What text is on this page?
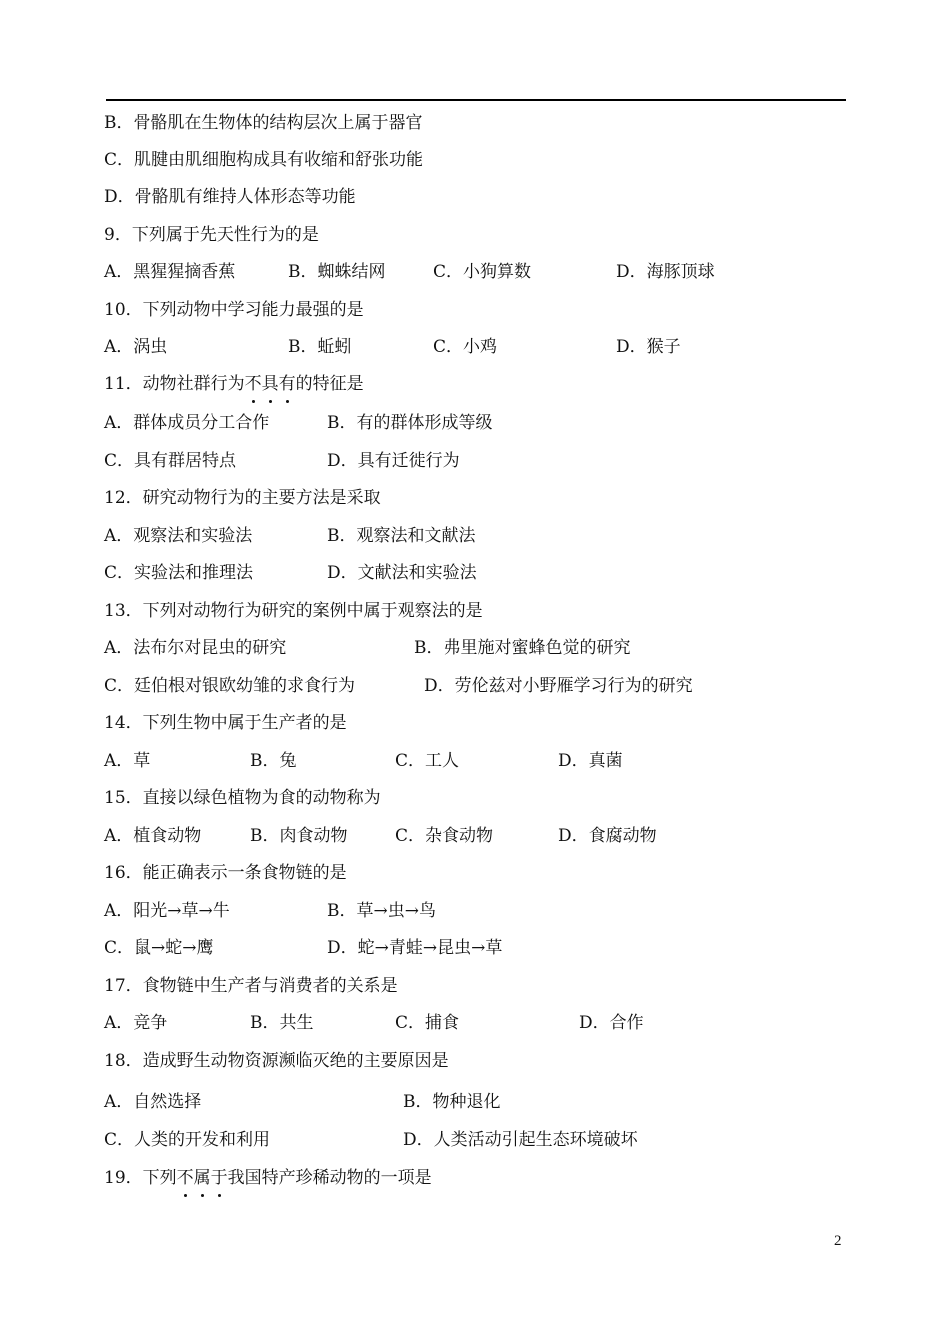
B．骨骼肌在生物体的结构层次上属于器官
C．肌腱由肌细胞构成具有收缩和舒张功能
D．骨骼肌有维持人体形态等功能
9．下列属于先天性行为的是
A．黑猩猩摘香蕉	B．蜘蛛结网	C．小狗算数	D．海豚顶球
10．下列动物中学习能力最强的是
A．涡虫	B．蚯蚓	C．小鸡	D．猴子
11．动物社群行为不具有的特征是
A．群体成员分工合作	B．有的群体形成等级
C．具有群居特点	D．具有迁徙行为
12．研究动物行为的主要方法是采取
A．观察法和实验法	B．观察法和文献法
C．实验法和推理法	D．文献法和实验法
13．下列对动物行为研究的案例中属于观察法的是
A．法布尔对昆虫的研究	B．弗里施对蜜蜂色觉的研究
C．廷伯根对银欧幼雏的求食行为	D．劳伦兹对小野雁学习行为的研究
14．下列生物中属于生产者的是
A．草	B．兔	C．工人	D．真菌
15．直接以绿色植物为食的动物称为
A．植食动物	B．肉食动物	C．杂食动物	D．食腐动物
16．能正确表示一条食物链的是
A．阳光→草→牛	B．草→虫→鸟
C．鼠→蛇→鹰	D．蛇→青蛙→昆虫→草
17．食物链中生产者与消费者的关系是
A．竞争	B．共生	C．捕食	D．合作
18．造成野生动物资源濒临灭绝的主要原因是
A．自然选择	B．物种退化
C．人类的开发和利用	D．人类活动引起生态环境破坏
19．下列不属于我国特产珍稀动物的一项是
2
